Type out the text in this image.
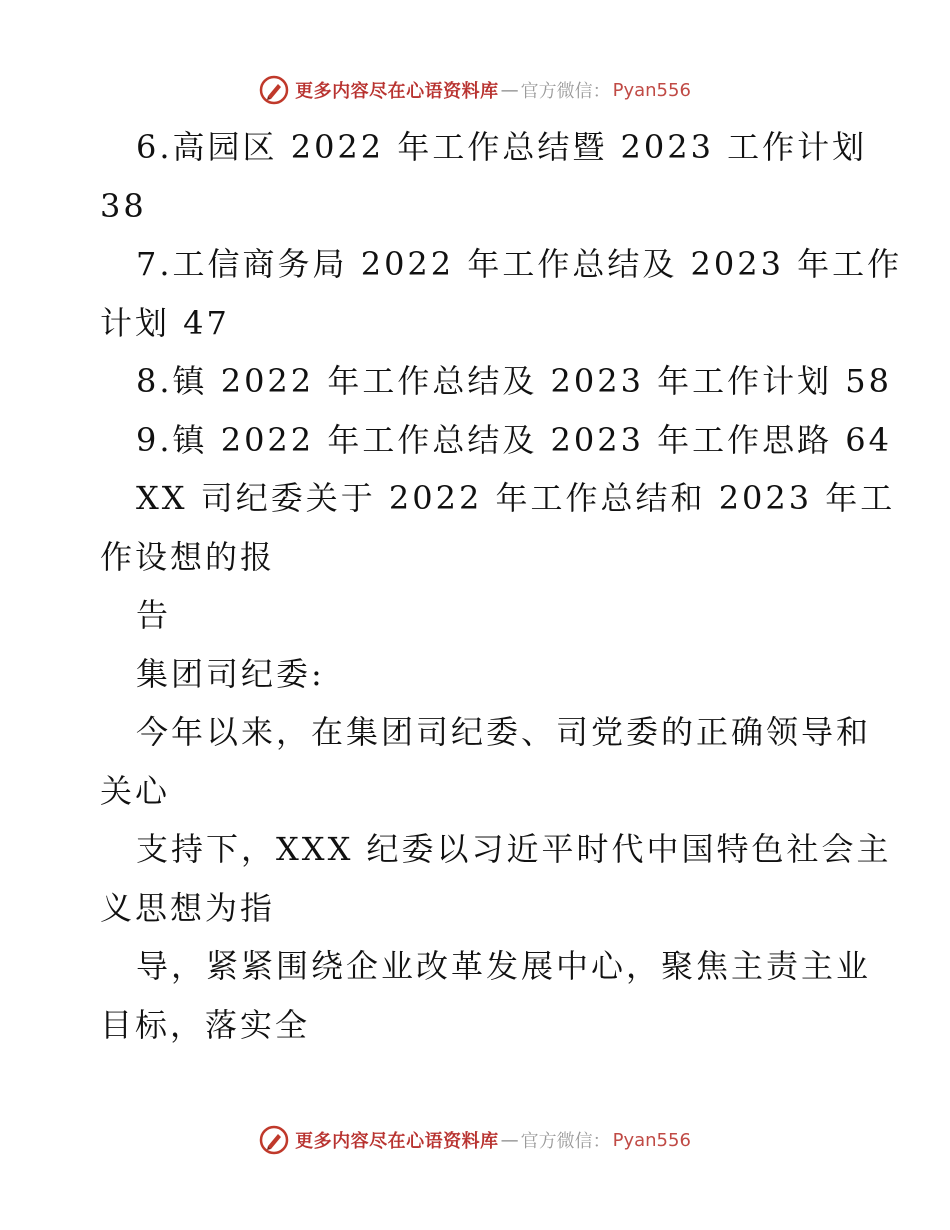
更多内容尽在心语资料库 — 官方微信： Pyan556
6.高园区 2022 年工作总结暨 2023 工作计划
38
7.工信商务局 2022 年工作总结及 2023 年工作
计划 47
8.镇 2022 年工作总结及 2023 年工作计划 58
9.镇 2022 年工作总结及 2023 年工作思路 64
XX 司纪委关于 2022 年工作总结和 2023 年工
作设想的报
告
集团司纪委:
今年以来，在集团司纪委、司党委的正确领导和
关心
支持下，XXX 纪委以习近平时代中国特色社会主
义思想为指
导，紧紧围绕企业改革发展中心，聚焦主责主业
目标，落实全
更多内容尽在心语资料库 — 官方微信： Pyan556
